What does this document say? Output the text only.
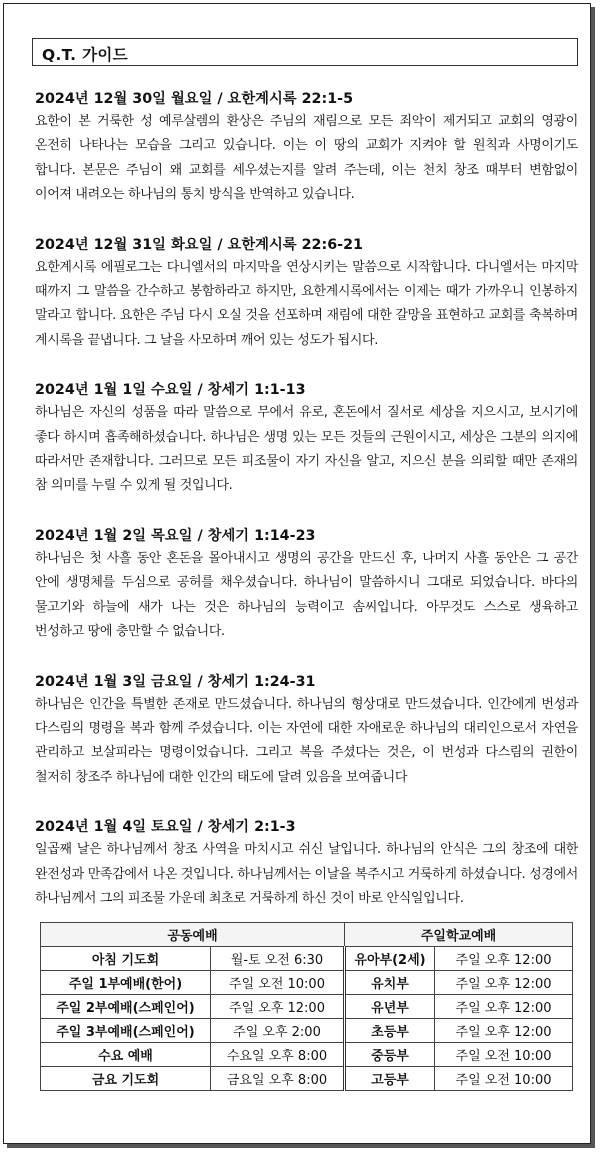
Q.T. 가이드
2024년 12월 30일 월요일 / 요한계시록 22:1-5
요한이 본 거룩한 성 예루살렘의 환상은 주님의 재림으로 모든 죄악이 제거되고 교회의 영광이 온전히 나타나는 모습을 그리고 있습니다. 이는 이 땅의 교회가 지켜야 할 원칙과 사명이기도 합니다. 본문은 주님이 왜 교회를 세우셨는지를 알려 주는데, 이는 천치 창조 때부터 변함없이 이어져 내려오는 하나님의 통치 방식을 반역하고 있습니다.
2024년 12월 31일 화요일 / 요한계시록 22:6-21
요한계시록 에필로그는 다니엘서의 마지막을 연상시키는 말씀으로 시작합니다. 다니엘서는 마지막 때까지 그 말씀을 간수하고 봉함하라고 하지만, 요한계시록에서는 이제는 때가 가까우니 인봉하지 말라고 합니다. 요한은 주님 다시 오실 것을 선포하며 재림에 대한 갈망을 표현하고 교회를 축복하며 계시록을 끝냅니다. 그 날을 사모하며 깨어 있는 성도가 됩시다.
2024년 1월 1일 수요일 / 창세기 1:1-13
하나님은 자신의 성품을 따라 말씀으로 무에서 유로, 혼돈에서 질서로 세상을 지으시고, 보시기에 좋다 하시며 흡족해하셨습니다. 하나님은 생명 있는 모든 것들의 근원이시고, 세상은 그분의 의지에 따라서만 존재합니다. 그러므로 모든 피조물이 자기 자신을 알고, 지으신 분을 의뢰할 때만 존재의 참 의미를 누릴 수 있게 될 것입니다.
2024년 1월 2일 목요일 / 창세기 1:14-23
하나님은 첫 사흘 동안 혼돈을 몰아내시고 생명의 공간을 만드신 후, 나머지 사흘 동안은 그 공간 안에 생명체를 두심으로 공허를 채우셨습니다. 하나님이 말씀하시니 그대로 되었습니다. 바다의 물고기와 하늘에 새가 나는 것은 하나님의 능력이고 솜씨입니다. 아무것도 스스로 생육하고 번성하고 땅에 충만할 수 없습니다.
2024년 1월 3일 금요일 / 창세기 1:24-31
하나님은 인간을 특별한 존재로 만드셨습니다. 하나님의 형상대로 만드셨습니다. 인간에게 번성과 다스림의 명령을 복과 함께 주셨습니다. 이는 자연에 대한 자애로운 하나님의 대리인으로서 자연을 관리하고 보살피라는 명령이었습니다. 그리고 복을 주셨다는 것은, 이 번성과 다스림의 권한이 철저히 창조주 하나님에 대한 인간의 태도에 달려 있음을 보여줍니다
2024년 1월 4일 토요일 / 창세기 2:1-3
일곱째 날은 하나님께서 창조 사역을 마치시고 쉬신 날입니다. 하나님의 안식은 그의 창조에 대한 완전성과 만족감에서 나온 것입니다. 하나님께서는 이날을 복주시고 거룩하게 하셨습니다. 성경에서 하나님께서 그의 피조물 가운데 최초로 거룩하게 하신 것이 바로 안식일입니다.
공동예배		주일학교예배	
아침 기도회	월-토 오전 6:30	유아부(2세)	주일 오후 12:00
주일 1부예배(한어)	주일 오전 10:00	유치부	주일 오후 12:00
주일 2부예배(스페인어)	주일 오후 12:00	유년부	주일 오후 12:00
주일 3부예배(스페인어)	주일 오후 2:00	초등부	주일 오후 12:00
수요 예배	수요일 오후 8:00	중등부	주일 오전 10:00
금요 기도회	금요일 오후 8:00	고등부	주일 오전 10:00
